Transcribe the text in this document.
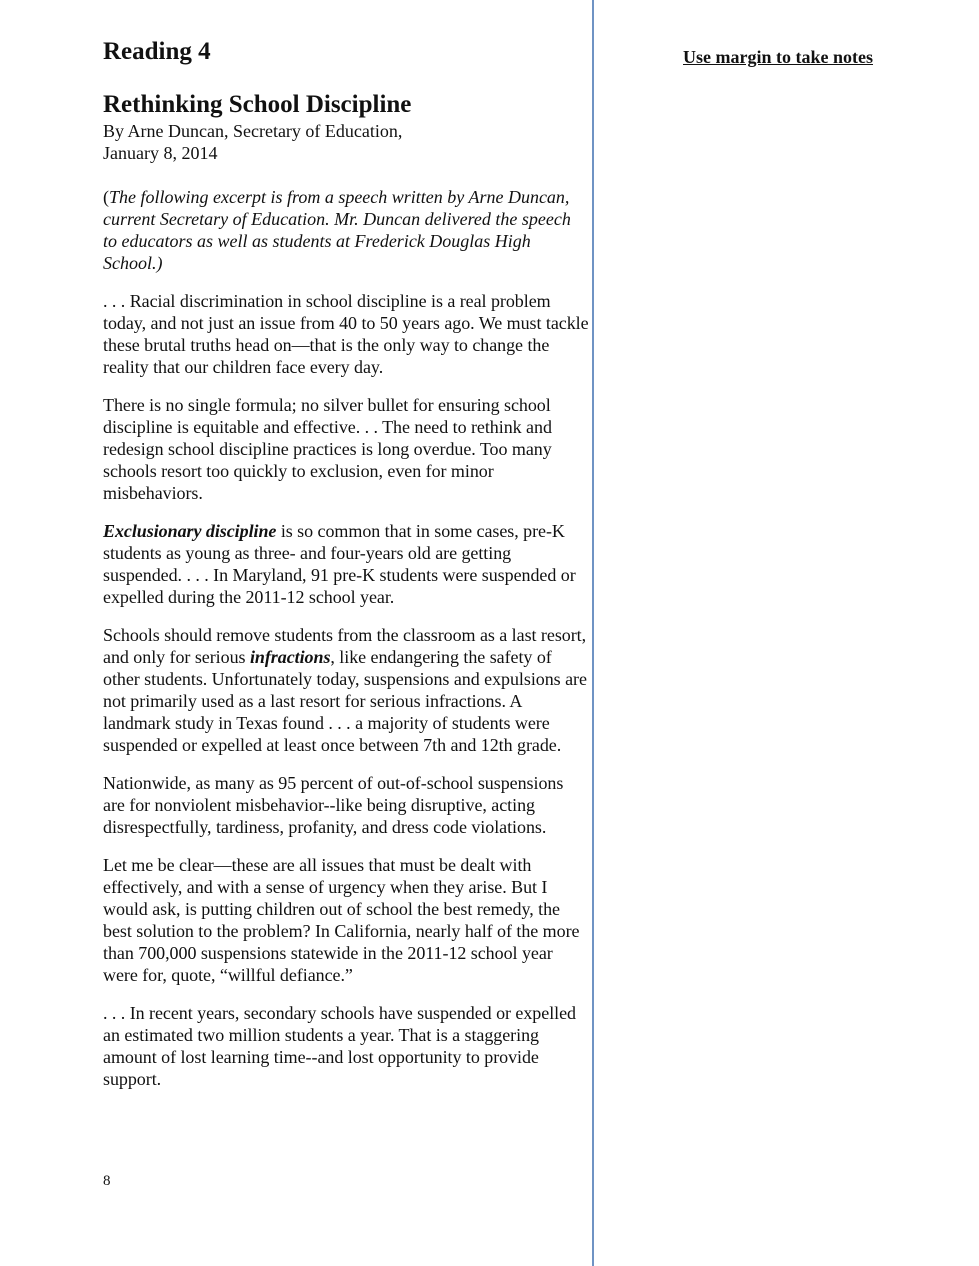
Reading 4
Rethinking School Discipline

By Arne Duncan, Secretary of Education,
January 8, 2014

(The following excerpt is from a speech written by Arne Duncan, current Secretary of Education. Mr. Duncan delivered the speech to educators as well as students at Frederick Douglas High School.)

. . . Racial discrimination in school discipline is a real problem today, and not just an issue from 40 to 50 years ago. We must tackle these brutal truths head on—that is the only way to change the reality that our children face every day.

There is no single formula; no silver bullet for ensuring school discipline is equitable and effective. . . The need to rethink and redesign school discipline practices is long overdue. Too many schools resort too quickly to exclusion, even for minor misbehaviors.

Exclusionary discipline is so common that in some cases, pre-K students as young as three- and four-years old are getting suspended. . . . In Maryland, 91 pre-K students were suspended or expelled during the 2011-12 school year.

Schools should remove students from the classroom as a last resort, and only for serious infractions, like endangering the safety of other students. Unfortunately today, suspensions and expulsions are not primarily used as a last resort for serious infractions. A landmark study in Texas found . . . a majority of students were suspended or expelled at least once between 7th and 12th grade.

Nationwide, as many as 95 percent of out-of-school suspensions are for nonviolent misbehavior--like being disruptive, acting disrespectfully, tardiness, profanity, and dress code violations.

Let me be clear—these are all issues that must be dealt with effectively, and with a sense of urgency when they arise. But I would ask, is putting children out of school the best remedy, the best solution to the problem? In California, nearly half of the more than 700,000 suspensions statewide in the 2011-12 school year were for, quote, “willful defiance.”

. . . In recent years, secondary schools have suspended or expelled an estimated two million students a year. That is a staggering amount of lost learning time--and lost opportunity to provide support.

8
Use margin to take notes
